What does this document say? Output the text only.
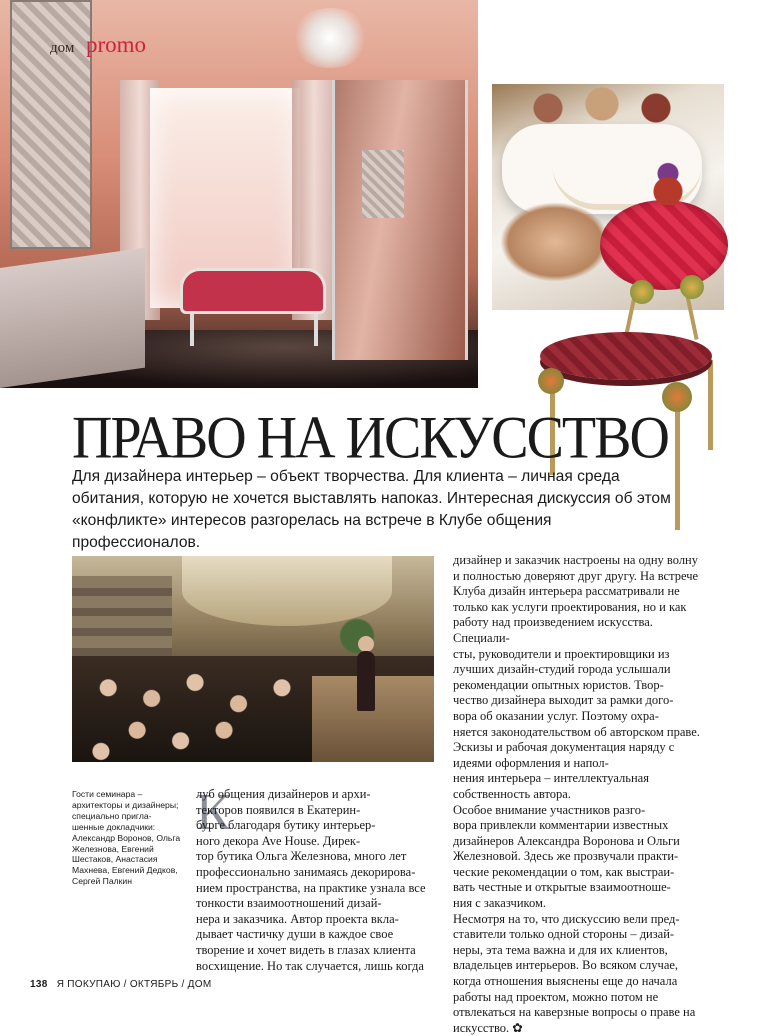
дом promo
ПРАВО НА ИСКУССТВО

Для дизайнера интерьер – объект творчества. Для клиента – личная среда обитания, которую не хочется выставлять напоказ. Интересная дискуссия об этом «конфликте» интересов разгорелась на встрече в Клубе общения профессионалов.

Гости семинара – архитекторы и дизайнеры; специально пригла-
шенные докладчики: Александр Воронов, Ольга Железнова, Евгений Шестаков, Анастасия Махнева, Евгений Дедков, Сергей Палкин

К

луб общения дизайнеров и архи-
текторов появился в Екатерин-
бурге благодаря бутику интерьер-
ного декора Ave House. Дирек-
тор бутика Ольга Железнова, много лет профессионально занимаясь декорирова-
нием пространства, на практике узнала все тонкости взаимоотношений дизай-
нера и заказчика. Автор проекта вкла-
дывает частичку души в каждое свое творение и хочет видеть в глазах клиента восхищение. Но так случается, лишь когда

дизайнер и заказчик настроены на одну волну и полностью доверяют друг другу. На встрече Клуба дизайн интерьера рассматривали не только как услуги проектирования, но и как работу над произведением искусства. Специали-
сты, руководители и проектировщики из лучших дизайн-студий города услышали рекомендации опытных юристов. Твор-
чество дизайнера выходит за рамки дого-
вора об оказании услуг. Поэтому охра-
няется законодательством об авторском праве. Эскизы и рабочая документация наряду с идеями оформления и напол-
нения интерьера – интеллектуальная собственность автора.
Особое внимание участников разго-
вора привлекли комментарии известных дизайнеров Александра Воронова и Ольги Железновой. Здесь же прозвучали практи-
ческие рекомендации о том, как выстраи-
вать честные и открытые взаимоотноше-
ния с заказчиком.
Несмотря на то, что дискуссию вели пред-
ставители только одной стороны – дизай-
неры, эта тема важна и для их клиентов, владельцев интерьеров. Во всяком случае, когда отношения выяснены еще до начала работы над проектом, можно потом не отвлекаться на каверзные вопросы о праве на искусство. ✿

138 Я ПОКУПАЮ / ОКТЯБРЬ / ДОМ
